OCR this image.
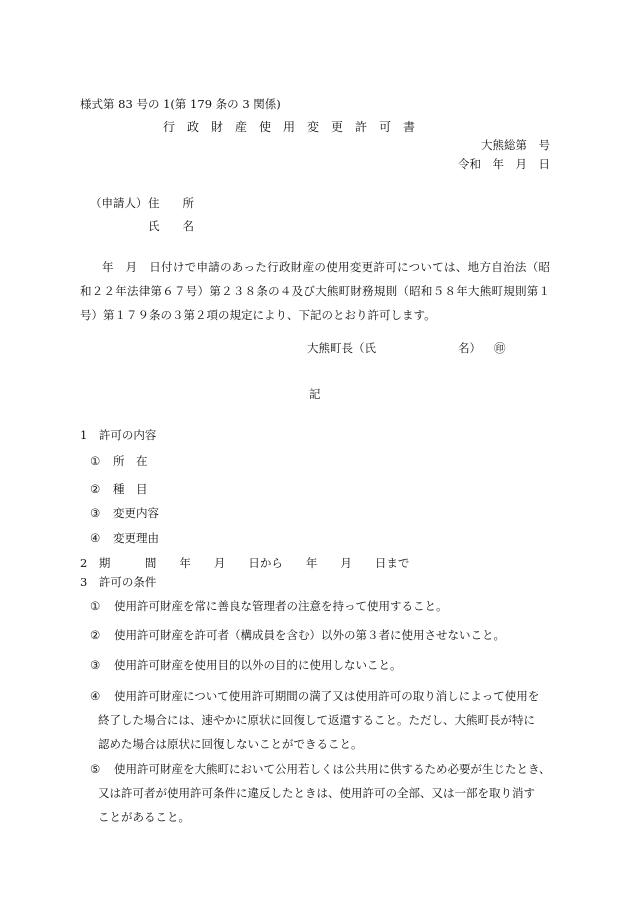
様式第 83 号の 1(第 179 条の 3 関係)
行　政　財　産　使　用　変　更　許　可　書
大熊総第　号
令和　年　月　日
（申請人） 住　　所
氏　　名
年　月　日付けで申請のあった行政財産の使用変更許可については、地方自治法（昭和２２年法律第６７号）第２３８条の４及び大熊町財務規則（昭和５８年大熊町規則第１号）第１７９条の３第２項の規定により、下記のとおり許可します。
大熊町長（氏	名） ㊞
記
1　許可の内容
① 所　在
② 種　目
③ 変更内容
④ 変更理由
2　期　　　間　　年　　月　　日から　　年　　月　　日まで
3　許可の条件
①	使用許可財産を常に善良な管理者の注意を持って使用すること。
②	使用許可財産を許可者（構成員を含む）以外の第３者に使用させないこと。
③	使用許可財産を使用目的以外の目的に使用しないこと。
④	使用許可財産について使用許可期間の満了又は使用許可の取り消しによって使用を
終了した場合には、速やかに原状に回復して返還すること。ただし、大熊町長が特に
認めた場合は原状に回復しないことができること。
⑤	使用許可財産を大熊町において公用若しくは公共用に供するため必要が生じたとき、
又は許可者が使用許可条件に違反したときは、使用許可の全部、又は一部を取り消す
ことがあること。
